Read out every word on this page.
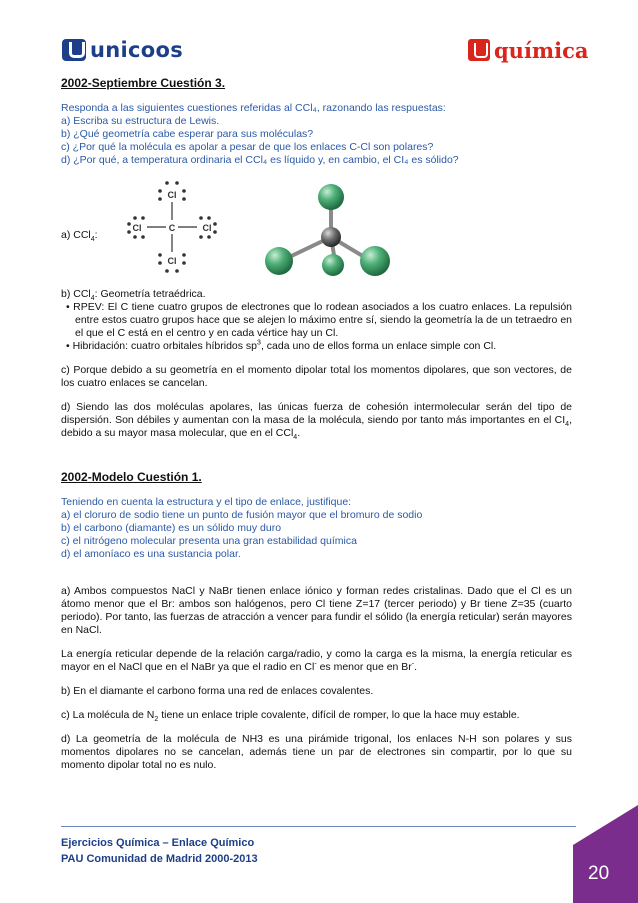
unicoos	química
2002-Septiembre Cuestión 3.
Responda a las siguientes cuestiones referidas al CCl₄, razonando las respuestas:
a) Escriba su estructura de Lewis.
b) ¿Qué geometría cabe esperar para sus moléculas?
c) ¿Por qué la molécula es apolar a pesar de que los enlaces C-Cl son polares?
d) ¿Por qué, a temperatura ordinaria el CCl₄ es líquido y, en cambio, el CI₄ es sólido?
a) CCl$_4$:
Cl
C
Cl	Cl
Cl
b) CCl$_4$: Geometría tetraédrica.
• RPEV: El C tiene cuatro grupos de electrones que lo rodean asociados a los cuatro enlaces. La repulsión entre estos cuatro grupos hace que se alejen lo máximo entre sí, siendo la geometría la de un tetraedro en el que el C está en el centro y en cada vértice hay un Cl.
• Hibridación: cuatro orbitales híbridos $sp^3$, cada uno de ellos forma un enlace simple con Cl.
c) Porque debido a su geometría en el momento dipolar total los momentos dipolares, que son vectores, de los cuatro enlaces se cancelan.
d) Siendo las dos moléculas apolares, las únicas fuerza de cohesión intermolecular serán del tipo de dispersión. Son débiles y aumentan con la masa de la molécula, siendo por tanto más importantes en el $CI_4$, debido a su mayor masa molecular, que en el CCl$_4$.
2002-Modelo Cuestión 1.
Teniendo en cuenta la estructura y el tipo de enlace, justifique:
a) el cloruro de sodio tiene un punto de fusión mayor que el bromuro de sodio
b) el carbono (diamante) es un sólido muy duro
c) el nitrógeno molecular presenta una gran estabilidad química
d) el amoníaco es una sustancia polar.
a) Ambos compuestos NaCl y NaBr tienen enlace iónico y forman redes cristalinas. Dado que el Cl es un átomo menor que el Br: ambos son halógenos, pero Cl tiene Z=17 (tercer periodo) y Br tiene Z=35 (cuarto periodo). Por tanto, las fuerzas de atracción a vencer para fundir el sólido (la energía reticular) serán mayores en NaCl.
La energía reticular depende de la relación carga/radio, y como la carga es la misma, la energía reticular es mayor en el NaCl que en el NaBr ya que el radio en Cl- es menor que en Br-.
b) En el diamante el carbono forma una red de enlaces covalentes.
c) La molécula de $N_2$ tiene un enlace triple covalente, difícil de romper, lo que la hace muy estable.
d) La geometría de la molécula de NH3 es una pirámide trigonal, los enlaces N-H son polares y sus momentos dipolares no se cancelan, además tiene un par de electrones sin compartir, por lo que su momento dipolar total no es nulo.
Ejercicios Química – Enlace Químico
PAU Comunidad de Madrid 2000-2013
20
